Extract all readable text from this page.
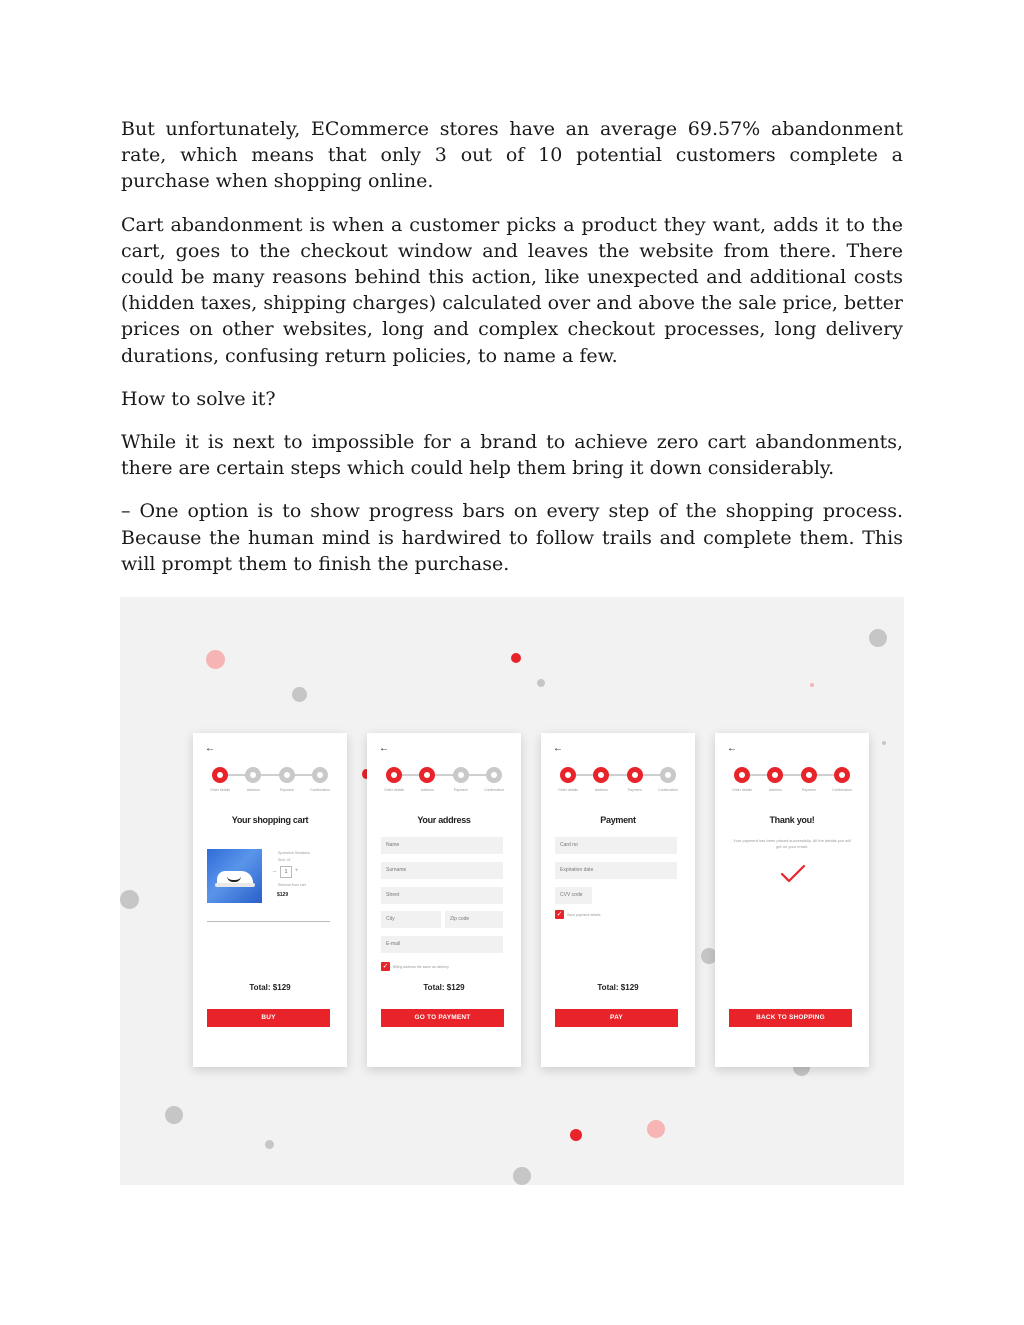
But unfortunately, ECommerce stores have an average 69.57% abandonment rate, which means that only 3 out of 10 potential customers complete a purchase when shopping online.

Cart abandonment is when a customer picks a product they want, adds it to the cart, goes to the checkout window and leaves the website from there. There could be many reasons behind this action, like unexpected and additional costs (hidden taxes, shipping charges) calculated over and above the sale price, better prices on other websites, long and complex checkout processes, long delivery durations, confusing return policies, to name a few.

How to solve it?

While it is next to impossible for a brand to achieve zero cart abandonments, there are certain steps which could help them bring it down considerably.

– One option is to show progress bars on every step of the shopping process. Because the human mind is hardwired to follow trails and complete them. This will prompt them to finish the purchase.

←
Order details	Address	Payment	Confirmation
Your shopping cart
Sportshoe Sneakers
Size: 41
–	1	+
Remove from cart
$129
Total: $129
BUY
←
Order details	Address	Payment	Confirmation
Your address
Name
Surname
Street
City	Zip code
E-mail
✓	Billing address the same as delivery
Total: $129
GO TO PAYMENT
←
Order details	Address	Payment	Confirmation
Payment
Card no
Expiration date
CVV code
✓	Save payment details
Total: $129
PAY
←
Order details	Address	Payment	Confirmation
Thank you!
Your payment has been placed successfully. All the details you will get on your email.
BACK TO SHOPPING
